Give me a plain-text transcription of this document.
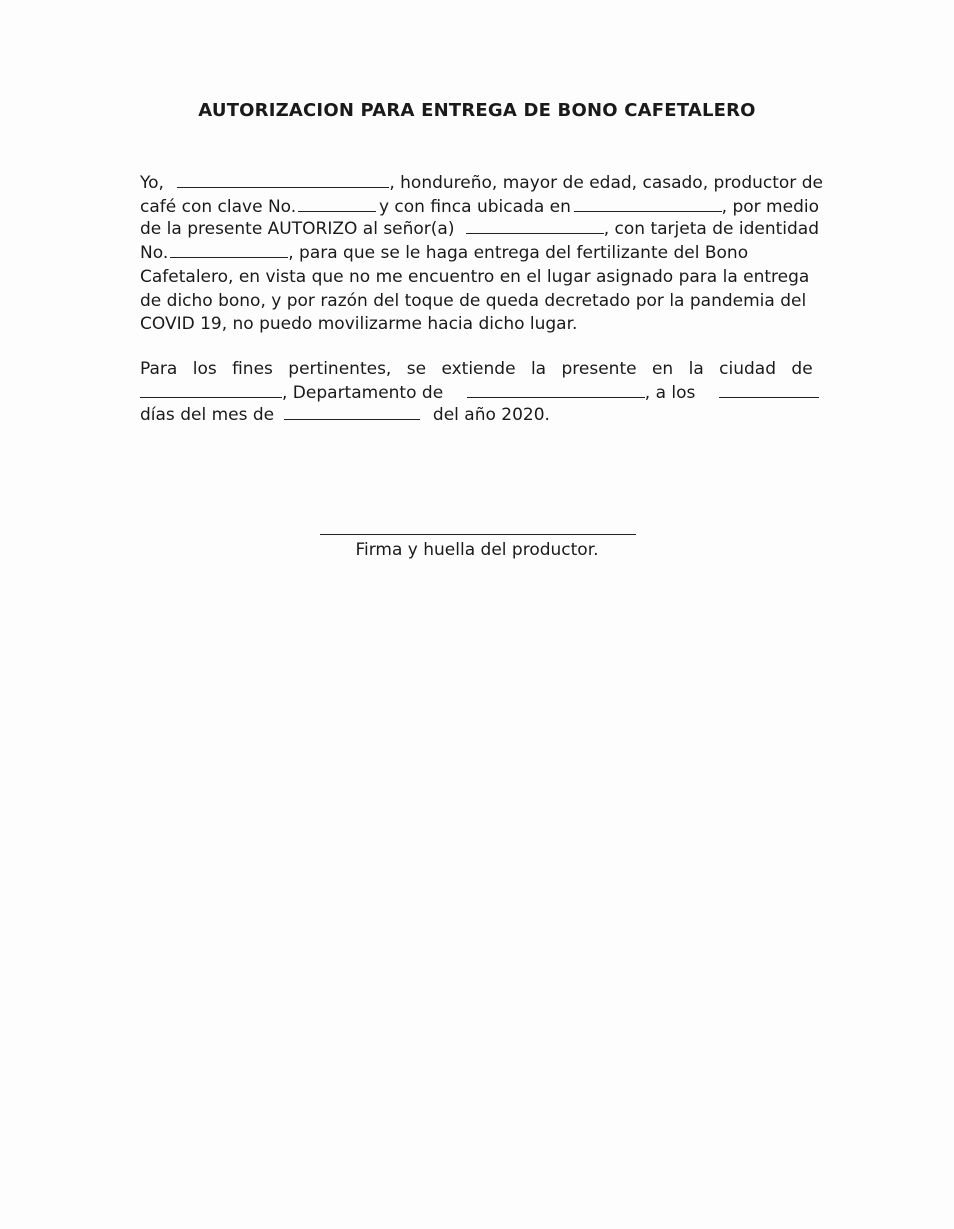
AUTORIZACION PARA ENTREGA DE BONO CAFETALERO
Yo,	, hondureño, mayor de edad, casado, productor de
café con clave No.	y con finca ubicada en	, por medio
de la presente AUTORIZO al señor(a)	, con tarjeta de identidad
No.	, para que se le haga entrega del fertilizante del Bono
Cafetalero, en vista que no me encuentro en el lugar asignado para la entrega
de dicho bono, y por razón del toque de queda decretado por la pandemia del
COVID 19, no puedo movilizarme hacia dicho lugar.
Para los fines pertinentes, se extiende la presente en la ciudad de
, Departamento de	, a los
días del mes de	del año 2020.
Firma y huella del productor.
